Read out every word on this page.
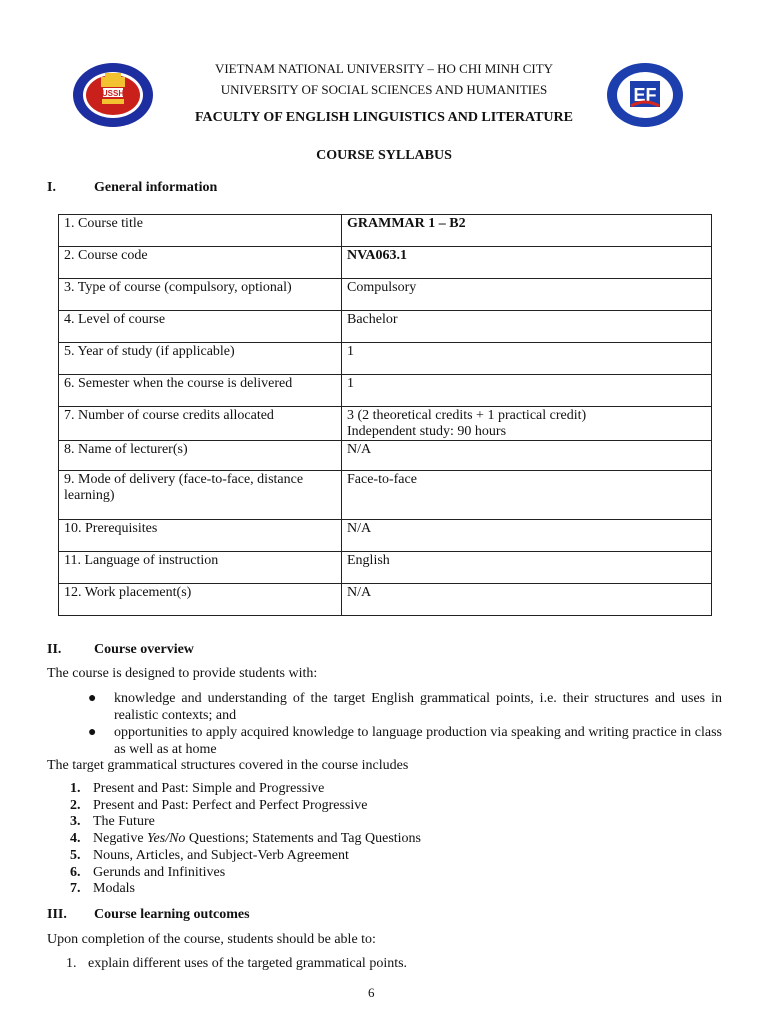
USSH	EF
VIETNAM NATIONAL UNIVERSITY – HO CHI MINH CITY
UNIVERSITY OF SOCIAL SCIENCES AND HUMANITIES
FACULTY OF ENGLISH LINGUISTICS AND LITERATURE
COURSE SYLLABUS
I.	General information
1. Course title	GRAMMAR 1 – B2
2. Course code	NVA063.1
3. Type of course (compulsory, optional)	Compulsory
4. Level of course	Bachelor
5. Year of study (if applicable)	1
6. Semester when the course is delivered	1
7. Number of course credits allocated	3 (2 theoretical credits + 1 practical credit)
Independent study: 90 hours

8. Name of lecturer(s)	N/A
9. Mode of delivery (face-to-face, distance learning)	Face-to-face
10. Prerequisites	N/A
11. Language of instruction	English
12. Work placement(s)	N/A
II. Course overview
The course is designed to provide students with:
● knowledge and understanding of the target English grammatical points, i.e. their structures and uses in realistic contexts; and
● opportunities to apply acquired knowledge to language production via speaking and writing practice in class as well as at home
The target grammatical structures covered in the course includes
1. Present and Past: Simple and Progressive
2. Present and Past: Perfect and Perfect Progressive
3. The Future
4. Negative Yes/No Questions; Statements and Tag Questions
5. Nouns, Articles, and Subject-Verb Agreement
6. Gerunds and Infinitives
7. Modals
III. Course learning outcomes
Upon completion of the course, students should be able to:
1. explain different uses of the targeted grammatical points.
6
